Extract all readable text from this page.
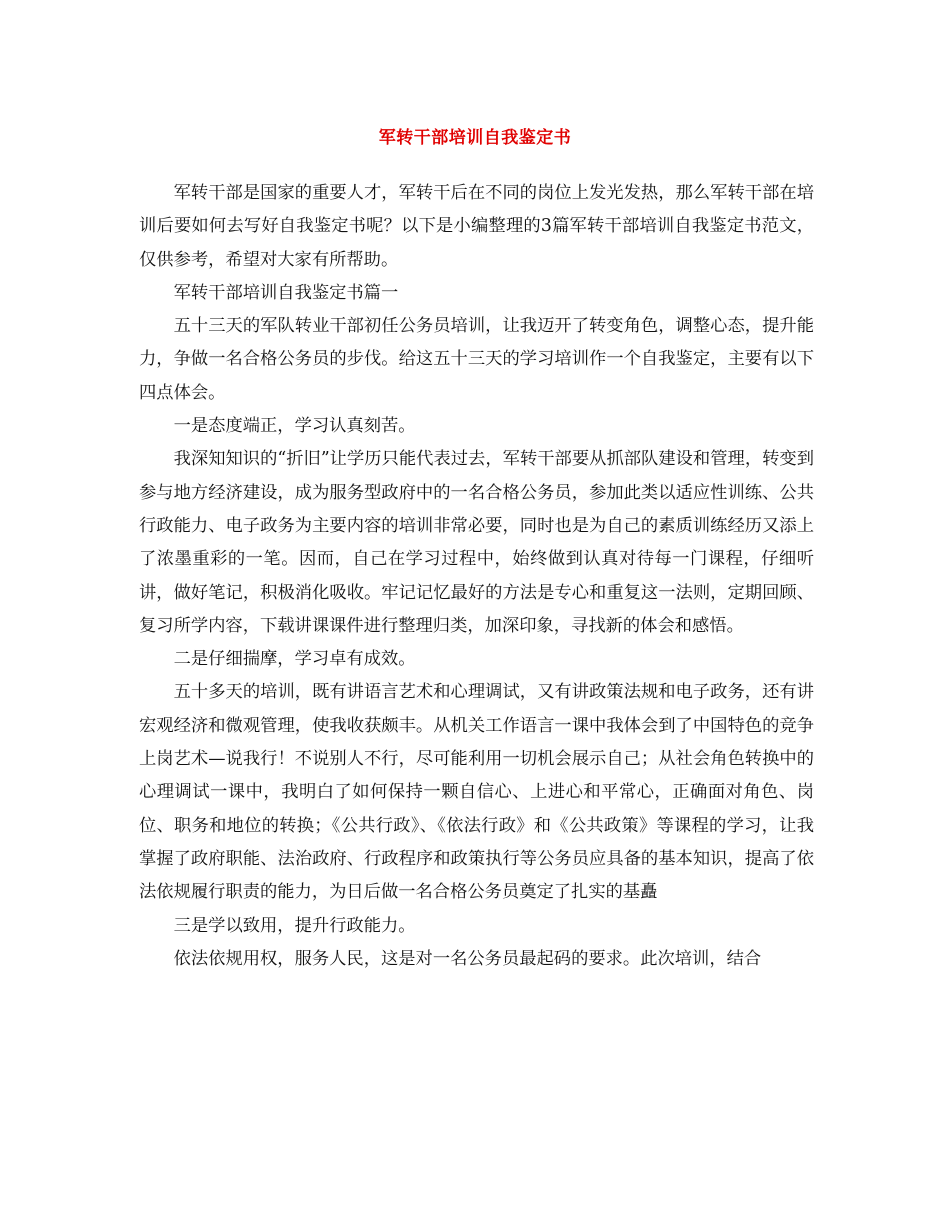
军转干部培训自我鉴定书

军转干部是国家的重要人才，军转干后在不同的岗位上发光发热，那么军转干部在培训后要如何去写好自我鉴定书呢？以下是小编整理的3篇军转干部培训自我鉴定书范文，仅供参考，希望对大家有所帮助。

军转干部培训自我鉴定书篇一

五十三天的军队转业干部初任公务员培训，让我迈开了转变角色，调整心态，提升能力，争做一名合格公务员的步伐。给这五十三天的学习培训作一个自我鉴定，主要有以下四点体会。

一是态度端正，学习认真刻苦。

我深知知识的“折旧”让学历只能代表过去，军转干部要从抓部队建设和管理，转变到参与地方经济建设，成为服务型政府中的一名合格公务员，参加此类以适应性训练、公共行政能力、电子政务为主要内容的培训非常必要，同时也是为自己的素质训练经历又添上了浓墨重彩的一笔。因而，自己在学习过程中，始终做到认真对待每一门课程，仔细听讲，做好笔记，积极消化吸收。牢记记忆最好的方法是专心和重复这一法则，定期回顾、复习所学内容，下载讲课课件进行整理归类，加深印象，寻找新的体会和感悟。

二是仔细揣摩，学习卓有成效。

五十多天的培训，既有讲语言艺术和心理调试，又有讲政策法规和电子政务，还有讲宏观经济和微观管理，使我收获颇丰。从机关工作语言一课中我体会到了中国特色的竞争上岗艺术—说我行！不说别人不行，尽可能利用一切机会展示自己；从社会角色转换中的心理调试一课中，我明白了如何保持一颗自信心、上进心和平常心，正确面对角色、岗位、职务和地位的转换；《公共行政》、《依法行政》和《公共政策》等课程的学习，让我掌握了政府职能、法治政府、行政程序和政策执行等公务员应具备的基本知识，提高了依法依规履行职责的能力，为日后做一名合格公务员奠定了扎实的基矗

三是学以致用，提升行政能力。

依法依规用权，服务人民，这是对一名公务员最起码的要求。此次培训，结合
